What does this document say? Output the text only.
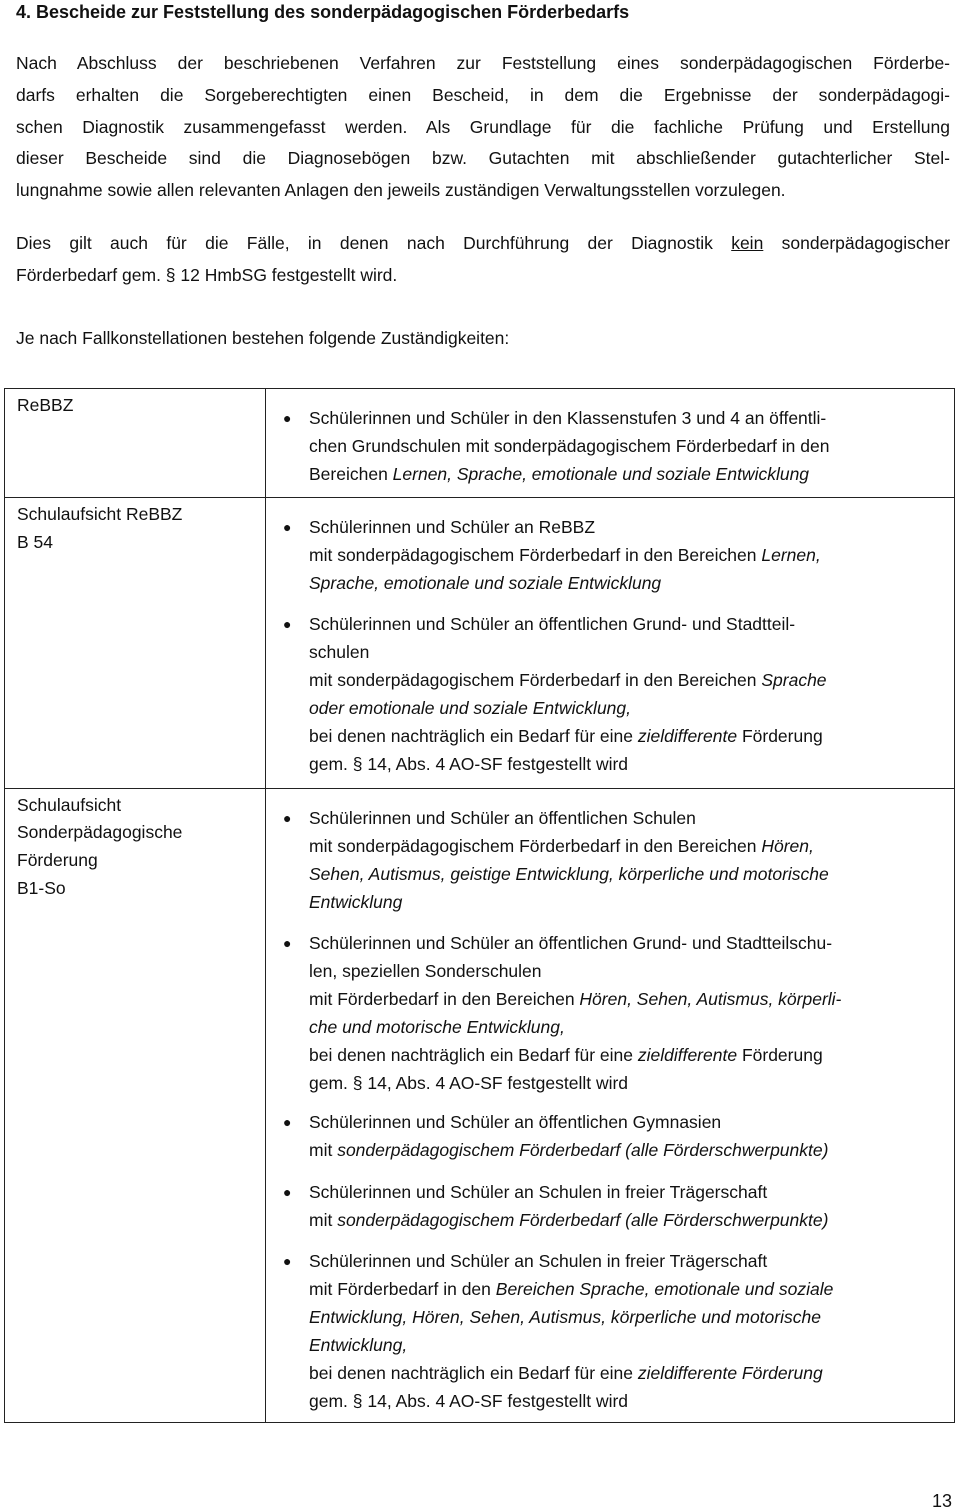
4. Bescheide zur Feststellung des sonderpädagogischen Förderbedarfs
Dies gilt auch für die Fälle, in denen nach Durchführung der Diagnostik kein sonderpädagogischer
Förderbedarf gem. § 12 HmbSG festgestellt wird.
Je nach Fallkonstellationen bestehen folgende Zuständigkeiten:
ReBBZ
Schulaufsicht ReBBZ
B 54
Schulaufsicht
Sonderpädagogische
Förderung
B1-So
● Schülerinnen und Schüler in den Klassenstufen 3 und 4 an öffentli-
chen Grundschulen mit sonderpädagogischem Förderbedarf in den
Bereichen Lernen, Sprache, emotionale und soziale Entwicklung
● Schülerinnen und Schüler an ReBBZ
mit sonderpädagogischem Förderbedarf in den Bereichen Lernen,
Sprache, emotionale und soziale Entwicklung
● Schülerinnen und Schüler an öffentlichen Grund- und Stadtteil-
schulen
mit sonderpädagogischem Förderbedarf in den Bereichen Sprache
oder emotionale und soziale Entwicklung,
bei denen nachträglich ein Bedarf für eine zieldifferente Förderung
gem. § 14, Abs. 4 AO-SF festgestellt wird
● Schülerinnen und Schüler an öffentlichen Schulen
mit sonderpädagogischem Förderbedarf in den Bereichen Hören,
Sehen, Autismus, geistige Entwicklung, körperliche und motorische
Entwicklung
● Schülerinnen und Schüler an öffentlichen Grund- und Stadtteilschu-
len, speziellen Sonderschulen
mit Förderbedarf in den Bereichen Hören, Sehen, Autismus, körperli-
che und motorische Entwicklung,
bei denen nachträglich ein Bedarf für eine zieldifferente Förderung
gem. § 14, Abs. 4 AO-SF festgestellt wird
● Schülerinnen und Schüler an öffentlichen Gymnasien
mit sonderpädagogischem Förderbedarf (alle Förderschwerpunkte)
● Schülerinnen und Schüler an Schulen in freier Trägerschaft
mit sonderpädagogischem Förderbedarf (alle Förderschwerpunkte)
● Schülerinnen und Schüler an Schulen in freier Trägerschaft
mit Förderbedarf in den Bereichen Sprache, emotionale und soziale
Entwicklung, Hören, Sehen, Autismus, körperliche und motorische
Entwicklung,
bei denen nachträglich ein Bedarf für eine zieldifferente Förderung
gem. § 14, Abs. 4 AO-SF festgestellt wird
13
Nach Abschluss der beschriebenen Verfahren zur Feststellung eines sonderpädagogischen Förderbe-
darfs erhalten die Sorgeberechtigten einen Bescheid, in dem die Ergebnisse der sonderpädagogi-
schen Diagnostik zusammengefasst werden. Als Grundlage für die fachliche Prüfung und Erstellung
dieser Bescheide sind die Diagnosebögen bzw. Gutachten mit abschließender gutachterlicher Stel-
lungnahme sowie allen relevanten Anlagen den jeweils zuständigen Verwaltungsstellen vorzulegen.
